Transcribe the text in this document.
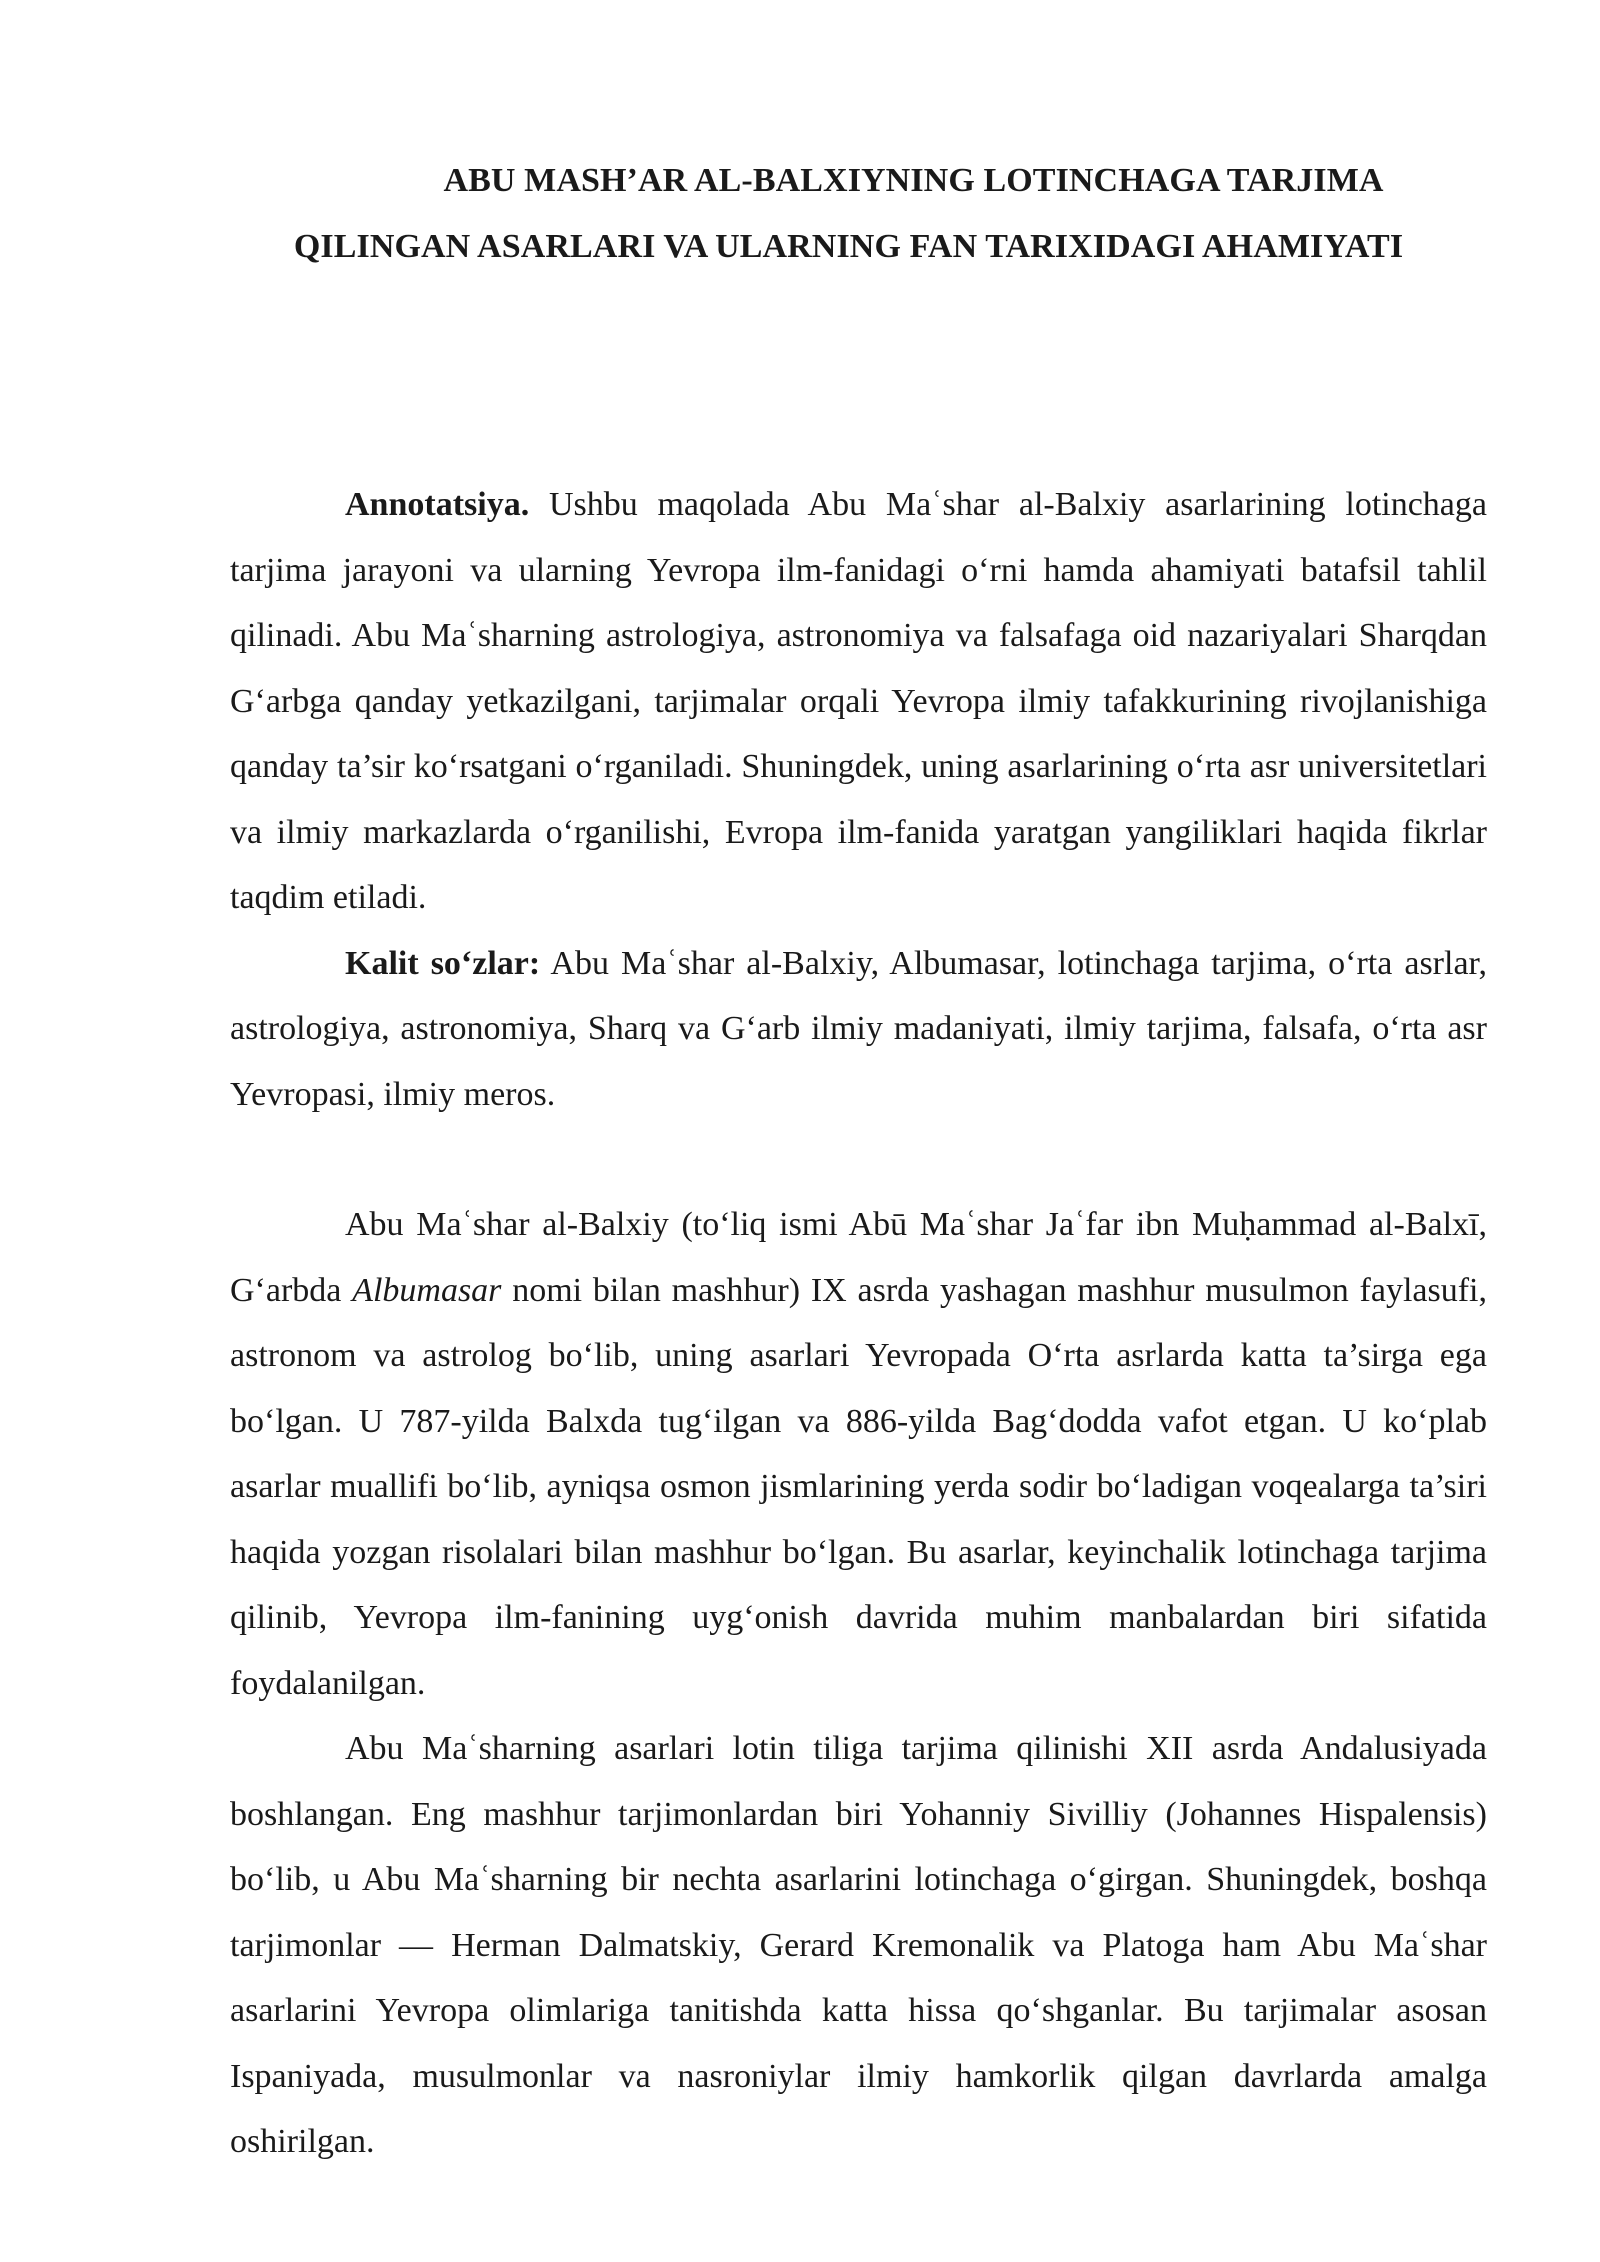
ABU MASH’AR AL-BALXIYNING LOTINCHAGA TARJIMA
QILINGAN ASARLARI VA ULARNING FAN TARIXIDAGI AHAMIYATI

Annotatsiya. Ushbu maqolada Abu Maʿshar al-Balxiy asarlarining lotinchaga tarjima jarayoni va ularning Yevropa ilm-fanidagi oʻrni hamda ahamiyati batafsil tahlil qilinadi. Abu Maʿsharning astrologiya, astronomiya va falsafaga oid nazariyalari Sharqdan Gʻarbga qanday yetkazilgani, tarjimalar orqali Yevropa ilmiy tafakkurining rivojlanishiga qanday ta’sir koʻrsatgani oʻrganiladi. Shuningdek, uning asarlarining oʻrta asr universitetlari va ilmiy markazlarda oʻrganilishi, Evropa ilm-fanida yaratgan yangiliklari haqida fikrlar taqdim etiladi.

Kalit soʻzlar: Abu Maʿshar al-Balxiy, Albumasar, lotinchaga tarjima, oʻrta asrlar, astrologiya, astronomiya, Sharq va Gʻarb ilmiy madaniyati, ilmiy tarjima, falsafa, oʻrta asr Yevropasi, ilmiy meros.

Abu Maʿshar al-Balxiy (toʻliq ismi Abū Maʿshar Jaʿfar ibn Muḥammad al-Balxī, Gʻarbda Albumasar nomi bilan mashhur) IX asrda yashagan mashhur musulmon faylasufi, astronom va astrolog boʻlib, uning asarlari Yevropada Oʻrta asrlarda katta ta’sirga ega boʻlgan. U 787-yilda Balxda tugʻilgan va 886-yilda Bagʻdodda vafot etgan. U koʻplab asarlar muallifi boʻlib, ayniqsa osmon jismlarining yerda sodir boʻladigan voqealarga ta’siri haqida yozgan risolalari bilan mashhur boʻlgan. Bu asarlar, keyinchalik lotinchaga tarjima qilinib, Yevropa ilm-fanining uygʻonish davrida muhim manbalardan biri sifatida foydalanilgan.

Abu Maʿsharning asarlari lotin tiliga tarjima qilinishi XII asrda Andalusiyada boshlangan. Eng mashhur tarjimonlardan biri Yohanniy Sivilliy (Johannes Hispalensis) boʻlib, u Abu Maʿsharning bir nechta asarlarini lotinchaga oʻgirgan. Shuningdek, boshqa tarjimonlar — Herman Dalmatskiy, Gerard Kremonalik va Platoga ham Abu Maʿshar asarlarini Yevropa olimlariga tanitishda katta hissa qoʻshganlar. Bu tarjimalar asosan Ispaniyada, musulmonlar va nasroniylar ilmiy hamkorlik qilgan davrlarda amalga oshirilgan.
